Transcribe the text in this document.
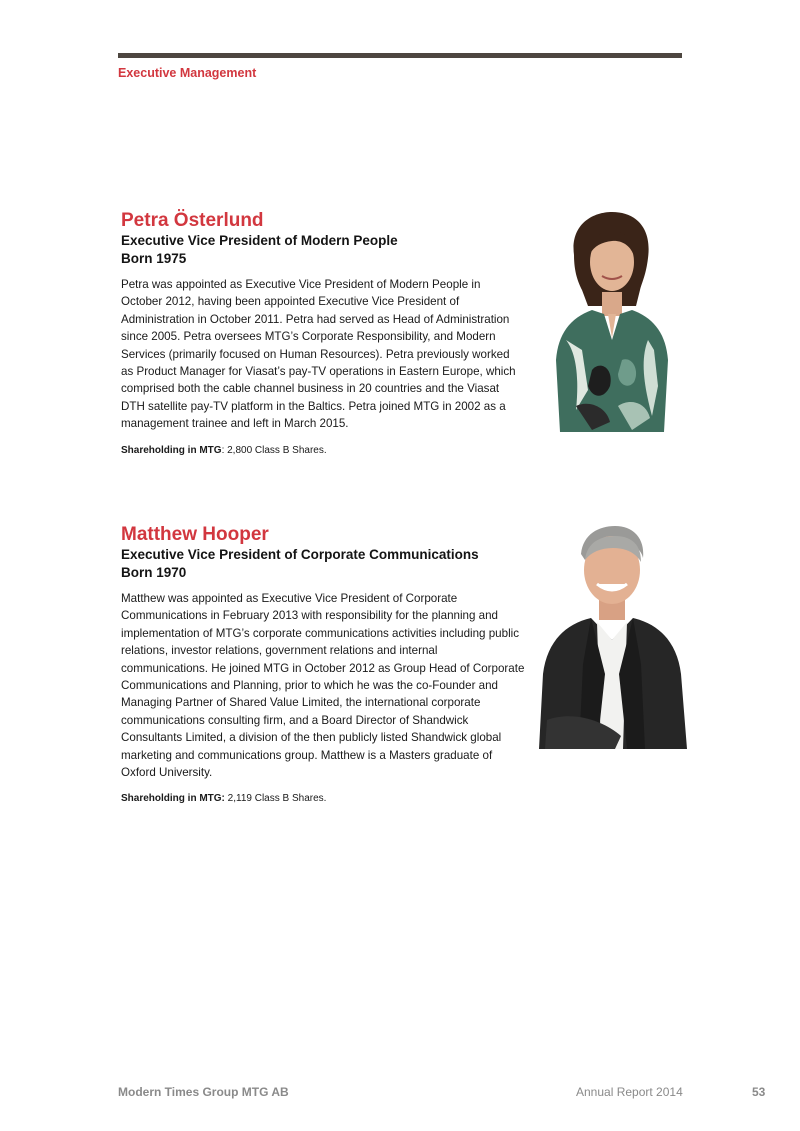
Executive Management
Petra Österlund
Executive Vice President of Modern People
Born 1975

Petra was appointed as Executive Vice President of Modern People in October 2012, having been appointed Executive Vice President of Administration in October 2011. Petra had served as Head of Administration since 2005. Petra oversees MTG’s Corporate Responsibility, and Modern Services (primarily focused on Human Resources). Petra previously worked as Product Manager for Viasat’s pay-TV operations in Eastern Europe, which comprised both the cable channel business in 20 countries and the Viasat DTH satellite pay-TV platform in the Baltics. Petra joined MTG in 2002 as a management trainee and left in March 2015.

Shareholding in MTG: 2,800 Class B Shares.

Matthew Hooper
Executive Vice President of Corporate Communications
Born 1970

Matthew was appointed as Executive Vice President of Corporate Communications in February 2013 with responsibility for the planning and implementation of MTG’s corporate communications activities including public relations, investor relations, government relations and internal communications. He joined MTG in October 2012 as Group Head of Corporate Communications and Planning, prior to which he was the co-Founder and Managing Partner of Shared Value Limited, the international corporate communications consulting firm, and a Board Director of Shandwick Consultants Limited, a division of the then publicly listed Shandwick global marketing and communications group. Matthew is a Masters graduate of Oxford University.

Shareholding in MTG: 2,119 Class B Shares.

Modern Times Group MTG AB	Annual Report 2014	53
